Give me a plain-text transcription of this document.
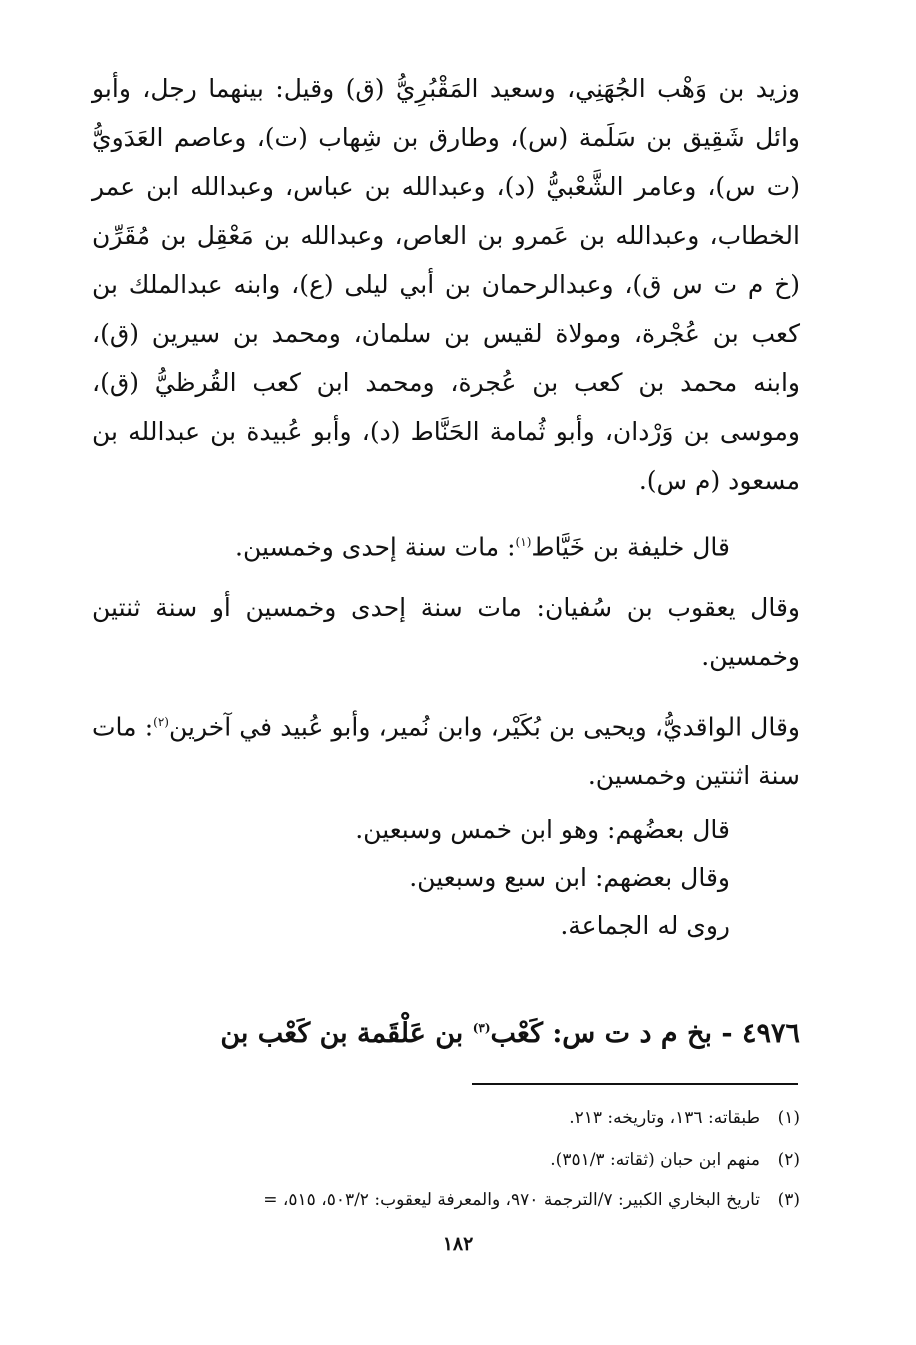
وزيد بن وَهْب الجُهَنِي، وسعيد المَقْبُرِيُّ (ق) وقيل: بينهما رجل، وأبو وائل شَقِيق بن سَلَمة (س)، وطارق بن شِهاب (ت)، وعاصم العَدَويُّ (ت س)، وعامر الشَّعْبيُّ (د)، وعبدالله بن عباس، وعبدالله ابن عمر الخطاب، وعبدالله بن عَمرو بن العاص، وعبدالله بن مَعْقِل بن مُقَرِّن (خ م ت س ق)، وعبدالرحمان بن أبي ليلى (ع)، وابنه عبدالملك بن كعب بن عُجْرة، ومولاة لقيس بن سلمان، ومحمد بن سيرين (ق)، وابنه محمد بن كعب بن عُجرة، ومحمد ابن كعب القُرظيُّ (ق)، وموسى بن وَرْدان، وأبو ثُمامة الحَنَّاط (د)، وأبو عُبيدة بن عبدالله بن مسعود (م س).
قال خليفة بن خَيَّاط$^{(١)}$: مات سنة إحدى وخمسين.
وقال يعقوب بن سُفيان: مات سنة إحدى وخمسين أو سنة ثنتين وخمسين.
وقال الواقديُّ، ويحيى بن بُكَيْر، وابن نُمير، وأبو عُبيد في آخرين$^{(٢)}$: مات سنة اثنتين وخمسين.
قال بعضُهم: وهو ابن خمس وسبعين.
وقال بعضهم: ابن سبع وسبعين.
روى له الجماعة.
٤٩٧٦ - بخ م د ت س: كَعْب$^{(٣)}$ بن عَلْقَمة بن كَعْب بن
(١)طبقاته: ١٣٦، وتاريخه: ٢١٣.
(٢)منهم ابن حبان (ثقاته: ٣٥١/٣).
(٣)تاريخ البخاري الكبير: ٧/الترجمة ٩٧٠، والمعرفة ليعقوب: ٥٠٣/٢، ٥١٥، =
١٨٢
